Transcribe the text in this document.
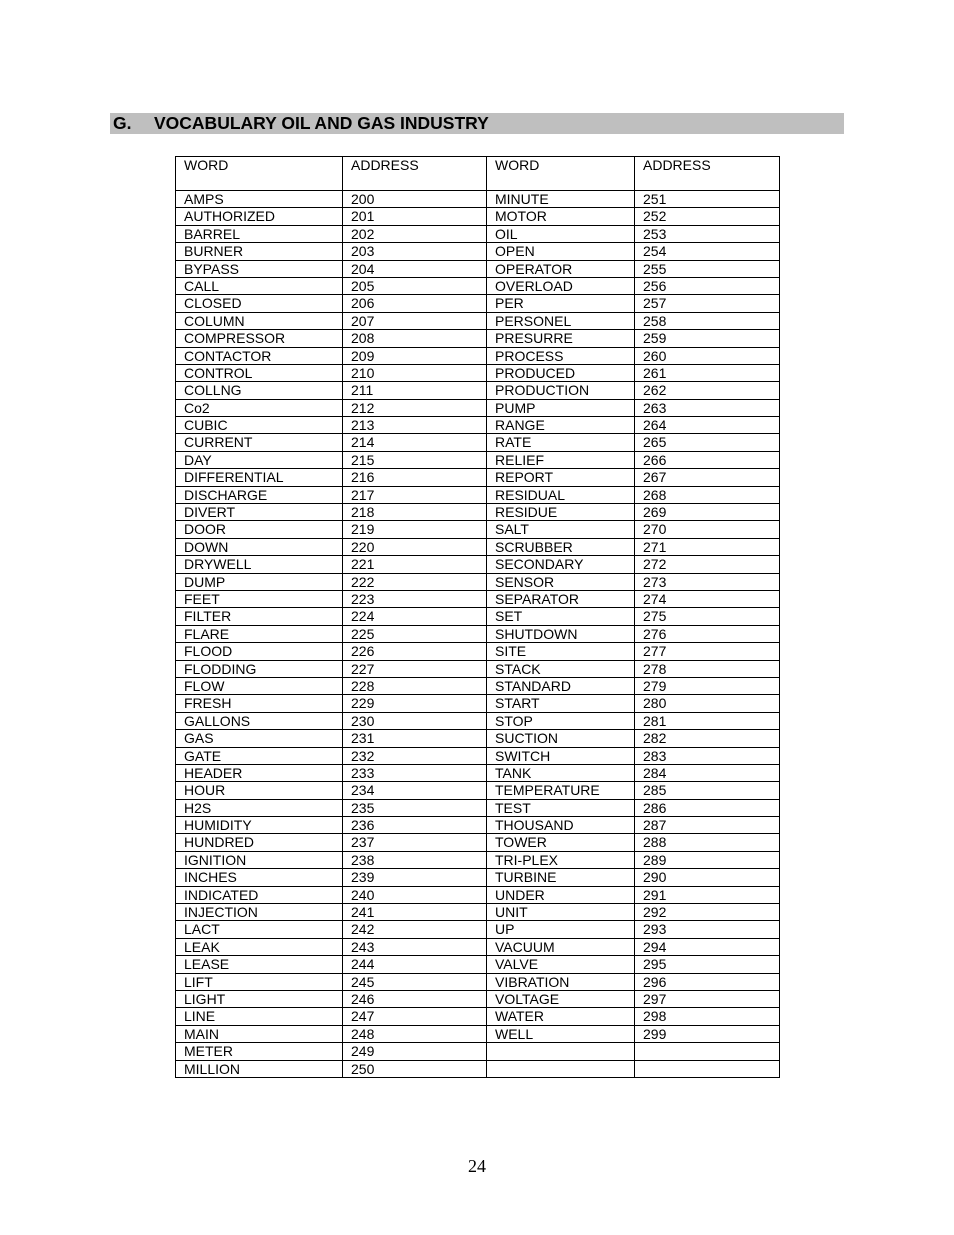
G. VOCABULARY OIL AND GAS INDUSTRY
WORD	ADDRESS	WORD	ADDRESS
AMPS	200	MINUTE	251
AUTHORIZED	201	MOTOR	252
BARREL	202	OIL	253
BURNER	203	OPEN	254
BYPASS	204	OPERATOR	255
CALL	205	OVERLOAD	256
CLOSED	206	PER	257
COLUMN	207	PERSONEL	258
COMPRESSOR	208	PRESURRE	259
CONTACTOR	209	PROCESS	260
CONTROL	210	PRODUCED	261
COLLNG	211	PRODUCTION	262
Co2	212	PUMP	263
CUBIC	213	RANGE	264
CURRENT	214	RATE	265
DAY	215	RELIEF	266
DIFFERENTIAL	216	REPORT	267
DISCHARGE	217	RESIDUAL	268
DIVERT	218	RESIDUE	269
DOOR	219	SALT	270
DOWN	220	SCRUBBER	271
DRYWELL	221	SECONDARY	272
DUMP	222	SENSOR	273
FEET	223	SEPARATOR	274
FILTER	224	SET	275
FLARE	225	SHUTDOWN	276
FLOOD	226	SITE	277
FLODDING	227	STACK	278
FLOW	228	STANDARD	279
FRESH	229	START	280
GALLONS	230	STOP	281
GAS	231	SUCTION	282
GATE	232	SWITCH	283
HEADER	233	TANK	284
HOUR	234	TEMPERATURE	285
H2S	235	TEST	286
HUMIDITY	236	THOUSAND	287
HUNDRED	237	TOWER	288
IGNITION	238	TRI-PLEX	289
INCHES	239	TURBINE	290
INDICATED	240	UNDER	291
INJECTION	241	UNIT	292
LACT	242	UP	293
LEAK	243	VACUUM	294
LEASE	244	VALVE	295
LIFT	245	VIBRATION	296
LIGHT	246	VOLTAGE	297
LINE	247	WATER	298
MAIN	248	WELL	299
METER	249		
MILLION	250		
24
